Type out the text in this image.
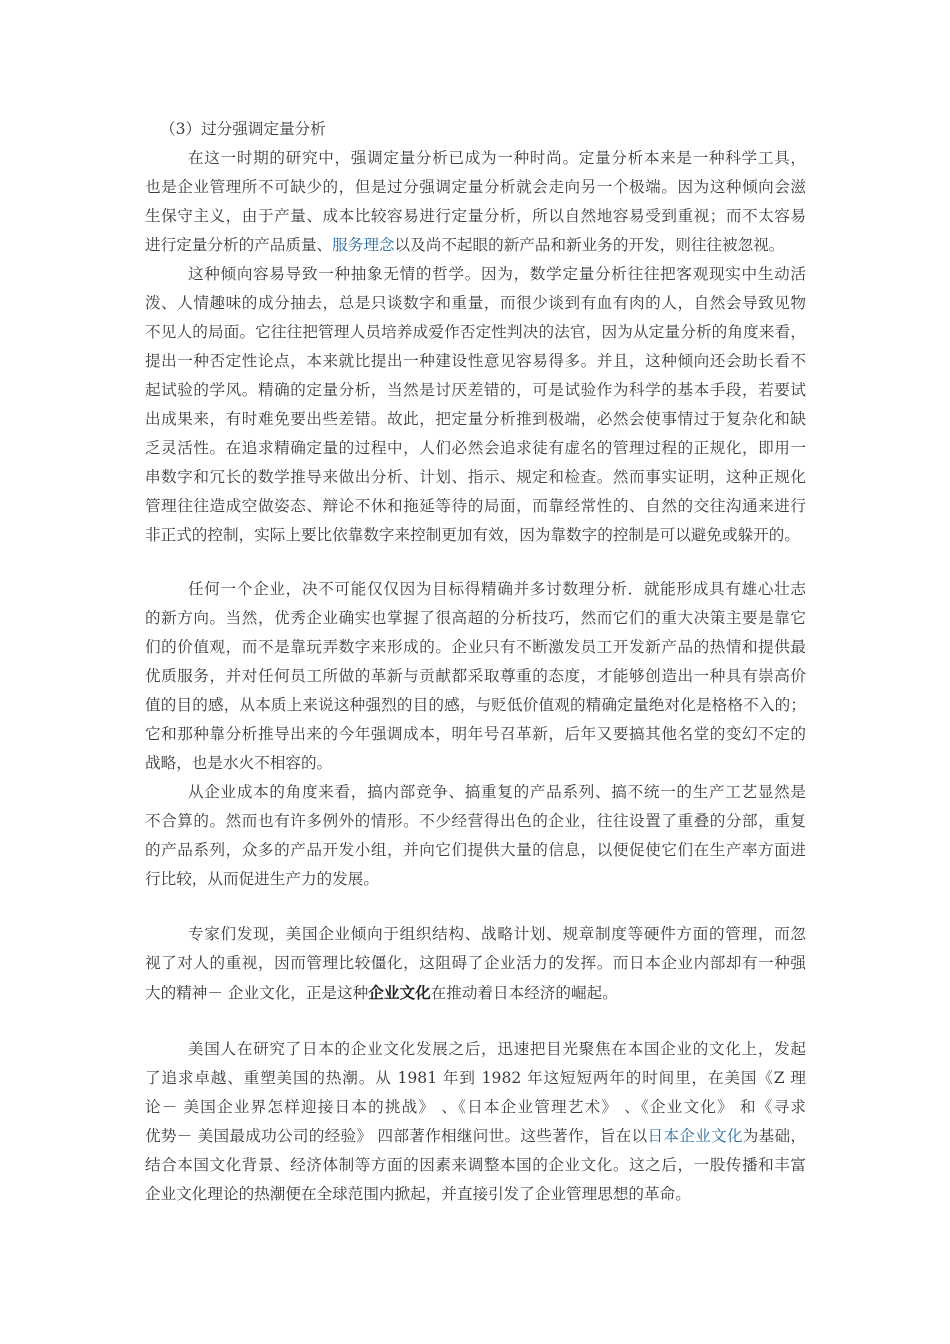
（3）过分强调定量分析
在这一时期的研究中，强调定量分析已成为一种时尚。定量分析本来是一种科学工具，
也是企业管理所不可缺少的，但是过分强调定量分析就会走向另一个极端。因为这种倾向会滋
生保守主义，由于产量、成本比较容易进行定量分析，所以自然地容易受到重视；而不太容易
进行定量分析的产品质量、服务理念以及尚不起眼的新产品和新业务的开发，则往往被忽视。
这种倾向容易导致一种抽象无情的哲学。因为，数学定量分析往往把客观现实中生动活
泼、人情趣味的成分抽去，总是只谈数字和重量，而很少谈到有血有肉的人，自然会导致见物
不见人的局面。它往往把管理人员培养成爱作否定性判决的法官，因为从定量分析的角度来看，
提出一种否定性论点，本来就比提出一种建设性意见容易得多。并且，这种倾向还会助长看不
起试验的学风。精确的定量分析，当然是讨厌差错的，可是试验作为科学的基本手段，若要试
出成果来，有时难免要出些差错。故此，把定量分析推到极端，必然会使事情过于复杂化和缺
乏灵活性。在追求精确定量的过程中，人们必然会追求徒有虚名的管理过程的正规化，即用一
串数字和冗长的数学推导来做出分析、计划、指示、规定和检查。然而事实证明，这种正规化
管理往往造成空做姿态、辩论不休和拖延等待的局面，而靠经常性的、自然的交往沟通来进行
非正式的控制，实际上要比依靠数字来控制更加有效，因为靠数字的控制是可以避免或躲开的。
任何一个企业，决不可能仅仅因为目标得精确并多讨数理分析．就能形成具有雄心壮志
的新方向。当然，优秀企业确实也掌握了很高超的分析技巧，然而它们的重大决策主要是靠它
们的价值观，而不是靠玩弄数字来形成的。企业只有不断激发员工开发新产品的热情和提供最
优质服务，并对任何员工所做的革新与贡献都采取尊重的态度，才能够创造出一种具有崇高价
值的目的感，从本质上来说这种强烈的目的感，与贬低价值观的精确定量绝对化是格格不入的；
它和那种靠分析推导出来的今年强调成本，明年号召革新，后年又要搞其他名堂的变幻不定的
战略，也是水火不相容的。
从企业成本的角度来看，搞内部竞争、搞重复的产品系列、搞不统一的生产工艺显然是
不合算的。然而也有许多例外的情形。不少经营得出色的企业，往往设置了重叠的分部，重复
的产品系列，众多的产品开发小组，并向它们提供大量的信息，以便促使它们在生产率方面进
行比较，从而促进生产力的发展。
专家们发现，美国企业倾向于组织结构、战略计划、规章制度等硬件方面的管理，而忽
视了对人的重视，因而管理比较僵化，这阻碍了企业活力的发挥。而日本企业内部却有一种强
大的精神－ 企业文化，正是这种企业文化在推动着日本经济的崛起。
美国人在研究了日本的企业文化发展之后，迅速把目光聚焦在本国企业的文化上，发起
了追求卓越、重塑美国的热潮。从 1981 年到 1982 年这短短两年的时间里，在美国《Z 理
论－ 美国企业界怎样迎接日本的挑战》 、《日本企业管理艺术》 、《企业文化》 和《寻求
优势－ 美国最成功公司的经验》 四部著作相继问世。这些著作，旨在以日本企业文化为基础，
结合本国文化背景、经济体制等方面的因素来调整本国的企业文化。这之后，一股传播和丰富
企业文化理论的热潮便在全球范围内掀起，并直接引发了企业管理思想的革命。
